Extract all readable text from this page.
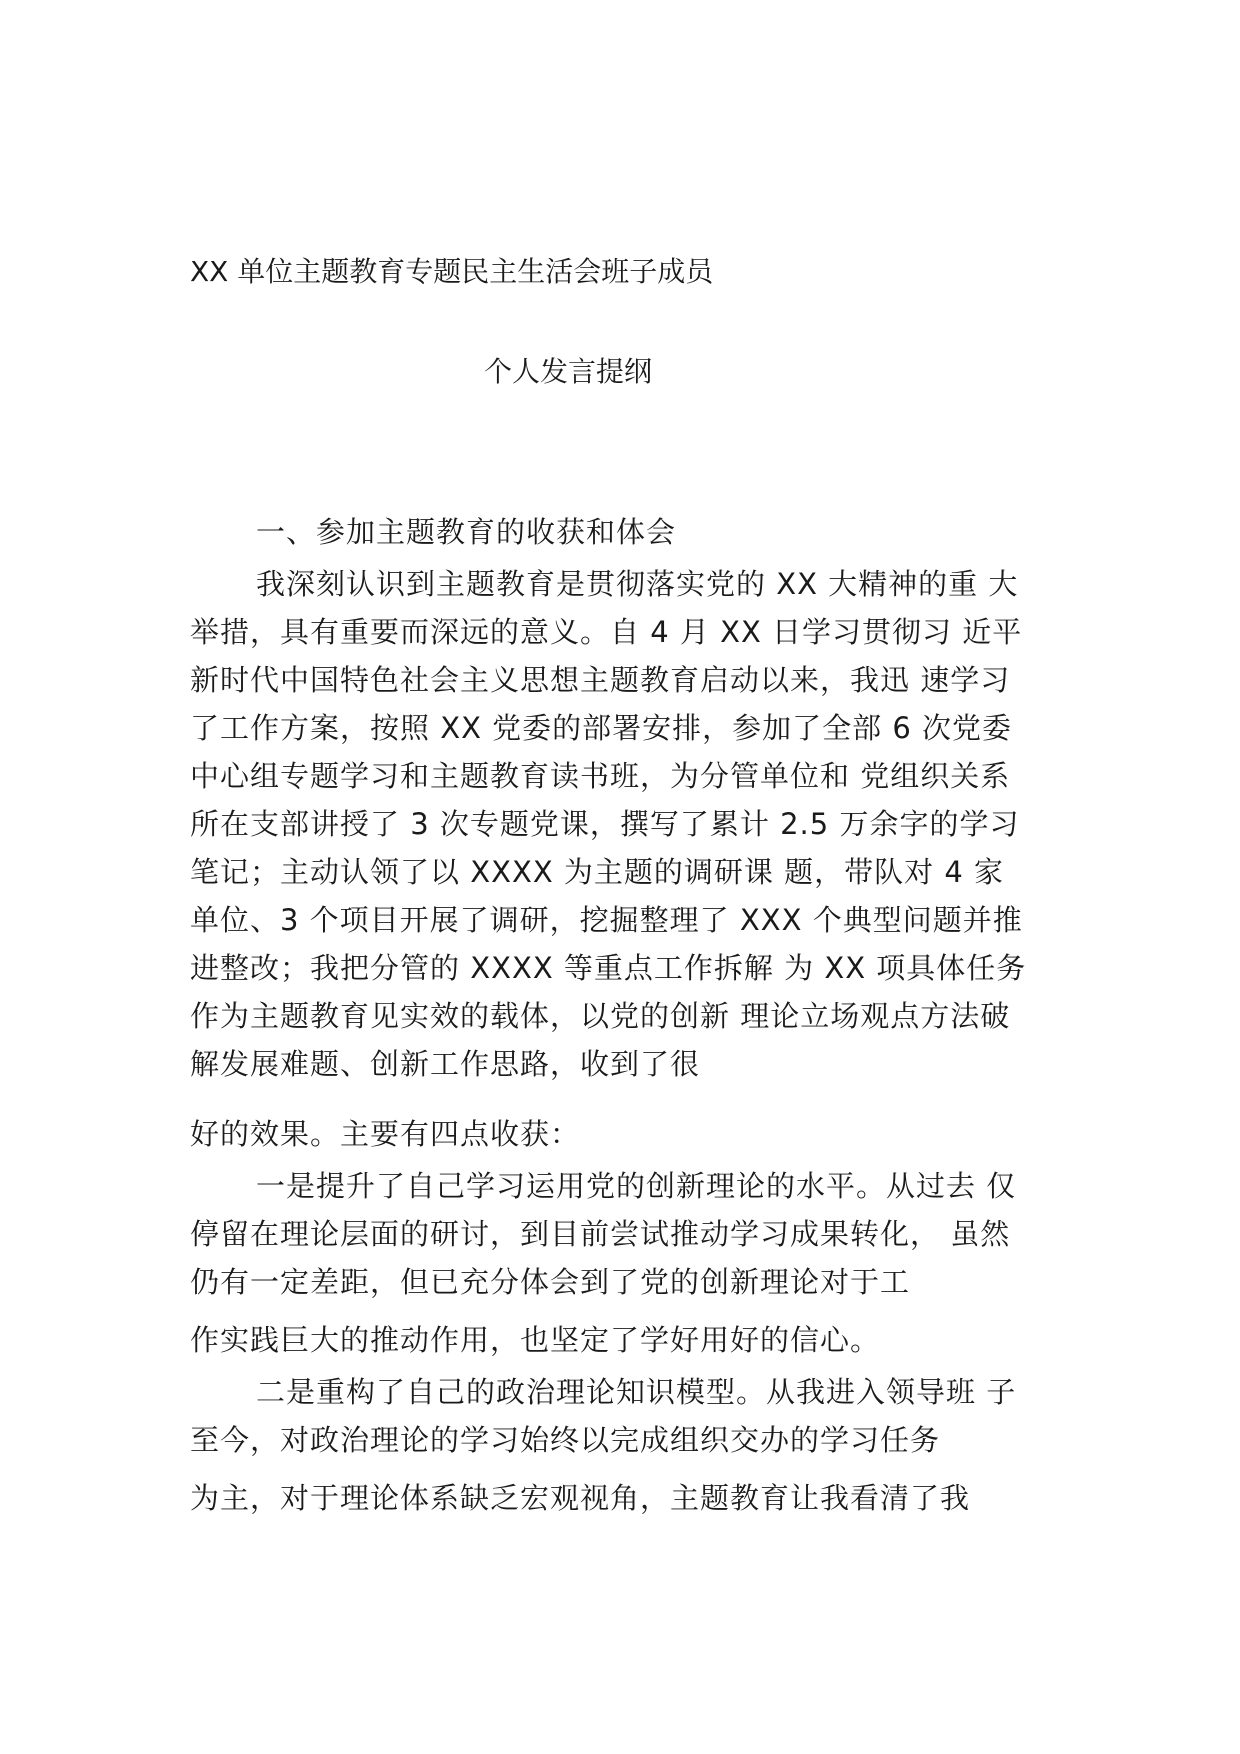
XX 单位主题教育专题民主生活会班子成员
个人发言提纲
一、参加主题教育的收获和体会
我深刻认识到主题教育是贯彻落实党的 XX 大精神的重 大
举措，具有重要而深远的意义。自 4 月 XX 日学习贯彻习 近平
新时代中国特色社会主义思想主题教育启动以来，我迅 速学习
了工作方案，按照 XX 党委的部署安排，参加了全部 6 次党委
中心组专题学习和主题教育读书班，为分管单位和 党组织关系
所在支部讲授了 3 次专题党课，撰写了累计 2.5 万余字的学习
笔记；主动认领了以 XXXX 为主题的调研课 题，带队对 4 家
单位、3 个项目开展了调研，挖掘整理了 XXX 个典型问题并推
进整改；我把分管的 XXXX 等重点工作拆解 为 XX 项具体任务
作为主题教育见实效的载体，以党的创新 理论立场观点方法破
解发展难题、创新工作思路，收到了很
好的效果。主要有四点收获：
一是提升了自己学习运用党的创新理论的水平。从过去 仅
停留在理论层面的研讨，到目前尝试推动学习成果转化， 虽然
仍有一定差距，但已充分体会到了党的创新理论对于工
作实践巨大的推动作用，也坚定了学好用好的信心。
二是重构了自己的政治理论知识模型。从我进入领导班 子
至今，对政治理论的学习始终以完成组织交办的学习任务
为主，对于理论体系缺乏宏观视角，主题教育让我看清了我
